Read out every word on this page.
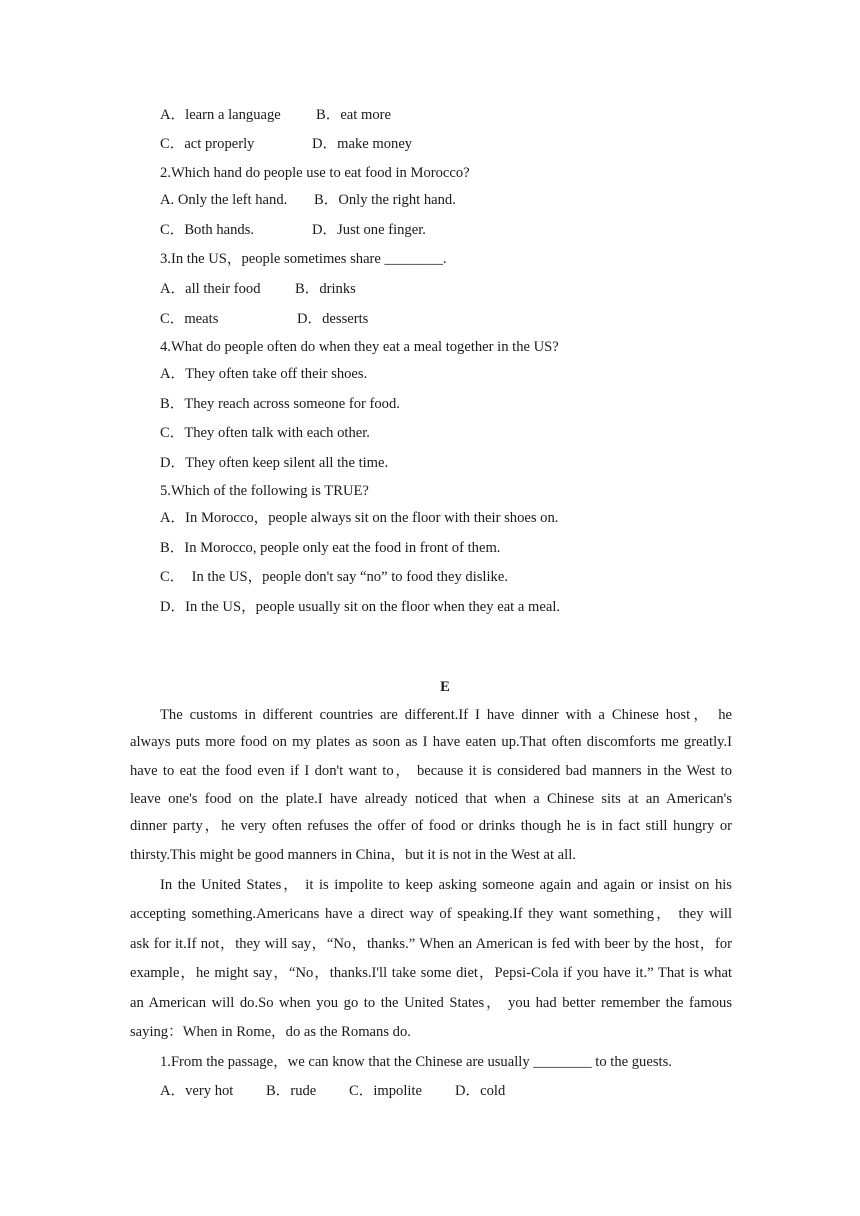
A．learn a language B．eat more
C．act properly	D．make money
2.Which hand do people use to eat food in Morocco?
A. Only the left hand. B．Only the right hand.
C．Both hands.	D．Just one finger.
3.In the US，people sometimes share ________.
A．all their food B．drinks
C．meats	D．desserts
4.What do people often do when they eat a meal together in the US?
A．They often take off their shoes.
B．They reach across someone for food.
C．They often talk with each other.
D．They often keep silent all the time.
5.Which of the following is TRUE?
A．In Morocco，people always sit on the floor with their shoes on.
B．In Morocco, people only eat the food in front of them.
C．  In the US，people don't say “no” to food they dislike.
D．In the US，people usually sit on the floor when they eat a meal.
E
The customs in different countries are different.If I have dinner with a Chinese host， he
always puts more food on my plates as soon as I have eaten up.That often discomforts me greatly.I
have to eat the food even if I don't want to， because it is considered bad manners in the West to
leave one's food on the plate.I have already noticed that when a Chinese sits at an American's
dinner party，he very often refuses the offer of food or drinks though he is in fact still hungry or
thirsty.This might be good manners in China，but it is not in the West at all.
In the United States， it is impolite to keep asking someone again and again or insist on his
accepting something.Americans have a direct way of speaking.If they want something， they will
ask for it.If not，they will say，“No，thanks.” When an American is fed with beer by the host，for
example，he might say，“No，thanks.I'll take some diet，Pepsi-Cola if you have it.” That is what
an American will do.So when you go to the United States， you had better remember the famous
saying：When in Rome，do as the Romans do.
1.From the passage，we can know that the Chinese are usually ________ to the guests.
A．very hot B．rude C．impolite D．cold
